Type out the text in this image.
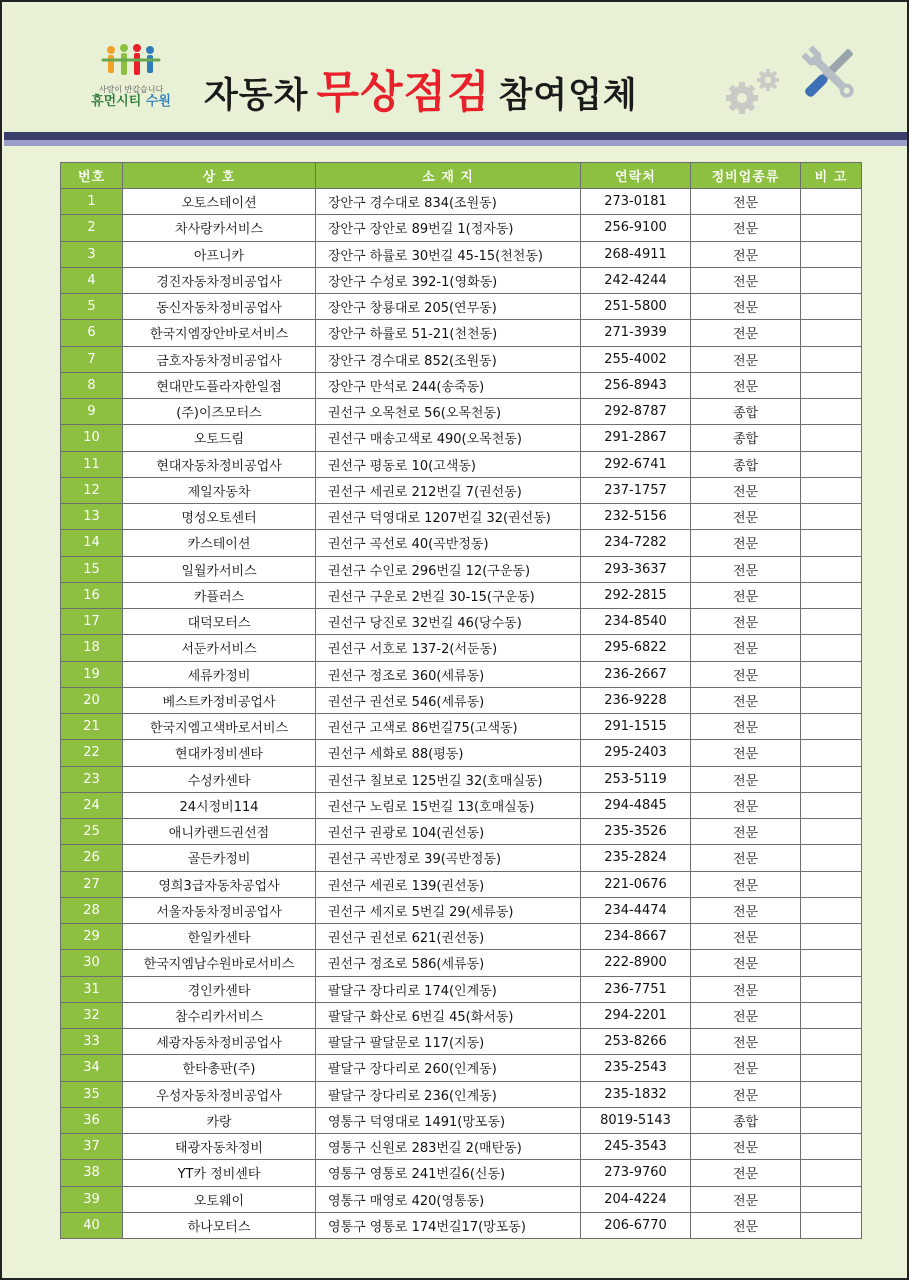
사람이 반갑습니다
휴먼시티 수원 자동차 무상점검 참여업체
번호	상 호	소 재 지	연락처	정비업종류	비 고
1	오토스테이션	장안구 경수대로 834(조원동)	273-0181	전문	
2	차사랑카서비스	장안구 장안로 89번길 1(정자동)	256-9100	전문	
3	아프니카	장안구 하률로 30번길 45-15(천천동)	268-4911	전문	
4	경진자동차정비공업사	장안구 수성로 392-1(영화동)	242-4244	전문	
5	동신자동차정비공업사	장안구 창룡대로 205(연무동)	251-5800	전문	
6	한국지엠장안바로서비스	장안구 하률로 51-21(천천동)	271-3939	전문	
7	금호자동차정비공업사	장안구 경수대로 852(조원동)	255-4002	전문	
8	현대만도플라자한일점	장안구 만석로 244(송죽동)	256-8943	전문	
9	(주)이즈모터스	권선구 오목천로 56(오목천동)	292-8787	종합	
10	오토드림	권선구 매송고색로 490(오목천동)	291-2867	종합	
11	현대자동차정비공업사	권선구 평동로 10(고색동)	292-6741	종합	
12	제일자동차	권선구 세권로 212번길 7(권선동)	237-1757	전문	
13	명성오토센터	권선구 덕영대로 1207번길 32(권선동)	232-5156	전문	
14	카스테이션	권선구 곡선로 40(곡반정동)	234-7282	전문	
15	일월카서비스	권선구 수인로 296번길 12(구운동)	293-3637	전문	
16	카플러스	권선구 구운로 2번길 30-15(구운동)	292-2815	전문	
17	대덕모터스	권선구 당진로 32번길 46(당수동)	234-8540	전문	
18	서둔카서비스	권선구 서호로 137-2(서둔동)	295-6822	전문	
19	세류카정비	권선구 정조로 360(세류동)	236-2667	전문	
20	베스트카정비공업사	권선구 권선로 546(세류동)	236-9228	전문	
21	한국지엠고색바로서비스	권선구 고색로 86번길75(고색동)	291-1515	전문	
22	현대카정비센타	권선구 세화로 88(평동)	295-2403	전문	
23	수성카센타	권선구 칠보로 125번길 32(호매실동)	253-5119	전문	
24	24시정비114	권선구 노림로 15번길 13(호매실동)	294-4845	전문	
25	애니카랜드권선점	권선구 권광로 104(권선동)	235-3526	전문	
26	골든카정비	권선구 곡반정로 39(곡반정동)	235-2824	전문	
27	영희3급자동차공업사	권선구 세권로 139(권선동)	221-0676	전문	
28	서울자동차정비공업사	권선구 세지로 5번길 29(세류동)	234-4474	전문	
29	한일카센타	권선구 권선로 621(권선동)	234-8667	전문	
30	한국지엠남수원바로서비스	권선구 정조로 586(세류동)	222-8900	전문	
31	경인카센타	팔달구 장다리로 174(인계동)	236-7751	전문	
32	참수리카서비스	팔달구 화산로 6번길 45(화서동)	294-2201	전문	
33	세광자동차정비공업사	팔달구 팔달문로 117(지동)	253-8266	전문	
34	한타총판(주)	팔달구 장다리로 260(인계동)	235-2543	전문	
35	우성자동차정비공업사	팔달구 장다리로 236(인계동)	235-1832	전문	
36	카랑	영통구 덕영대로 1491(망포동)	8019-5143	종합	
37	태광자동차정비	영통구 신원로 283번길 2(매탄동)	245-3543	전문	
38	YT카 정비센타	영통구 영통로 241번길6(신동)	273-9760	전문	
39	오토웨이	영통구 매영로 420(영통동)	204-4224	전문	
40	하나모터스	영통구 영통로 174번길17(망포동)	206-6770	전문	
